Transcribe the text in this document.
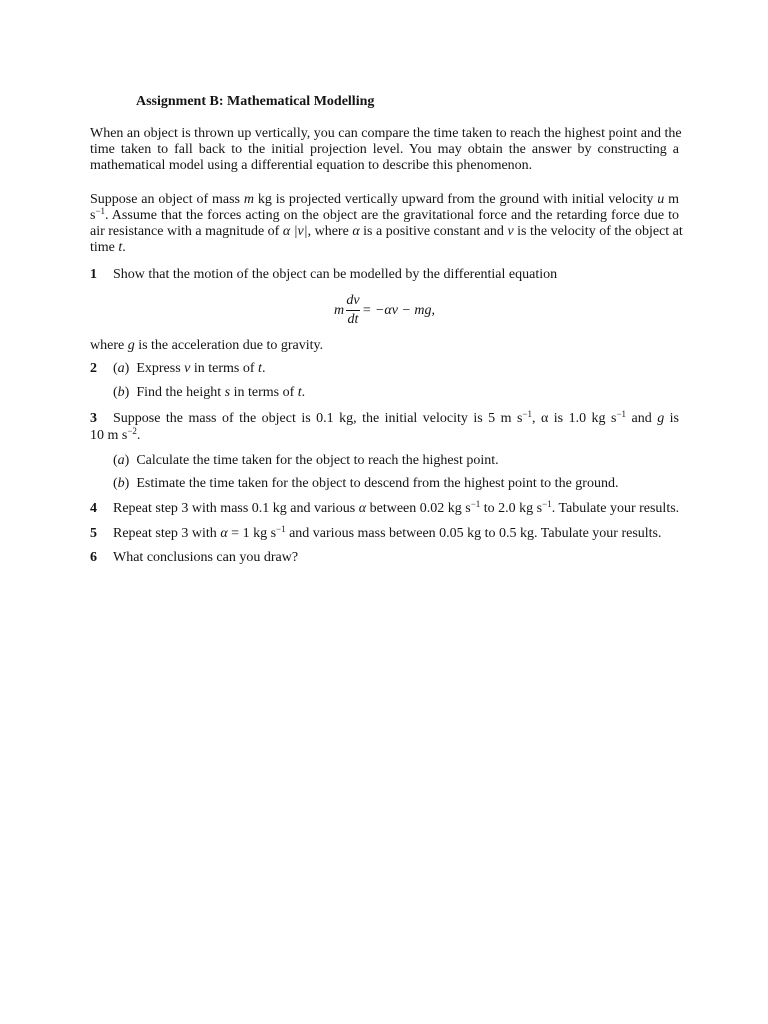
Assignment B: Mathematical Modelling
When an object is thrown up vertically, you can compare the time taken to reach the highest point and the
time taken to fall back to the initial projection level. You may obtain the answer by constructing a
mathematical model using a differential equation to describe this phenomenon.
Suppose an object of mass m kg is projected vertically upward from the ground with initial velocity u m
$s^{-1}$. Assume that the forces acting on the object are the gravitational force and the retarding force due to
air resistance with a magnitude of α |v|, where α is a positive constant and v is the velocity of the object at
time t.
1 Show that the motion of the object can be modelled by the differential equation
m
dv
dt
= −αv − mg,
where g is the acceleration due to gravity.
2 (a)  Express v in terms of t.
(b)  Find the height s in terms of t.
3 Suppose the mass of the object is 0.1 kg, the initial velocity is 5 m $s^{-1}$, α is 1.0 kg $s^{-1}$ and g is
10 m $s^{-2}$.
(a)  Calculate the time taken for the object to reach the highest point.
(b)  Estimate the time taken for the object to descend from the highest point to the ground.
4 Repeat step 3 with mass 0.1 kg and various α between 0.02 kg $s^{-1}$ to 2.0 kg $s^{-1}$. Tabulate your results.
5 Repeat step 3 with α = 1 kg $s^{-1}$ and various mass between 0.05 kg to 0.5 kg. Tabulate your results.
6 What conclusions can you draw?
